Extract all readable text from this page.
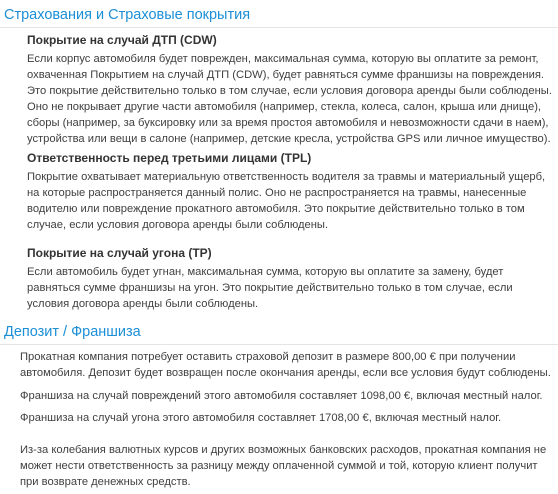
Страхования и Страховые покрытия
Покрытие на случай ДТП (CDW)

Если корпус автомобиля будет поврежден, максимальная сумма, которую вы оплатите за ремонт, охваченная Покрытием на случай ДТП (CDW), будет равняться сумме франшизы на повреждения. Это покрытие действительно только в том случае, если условия договора аренды были соблюдены. Оно не покрывает другие части автомобиля (например, стекла, колеса, салон, крыша или днище), сборы (например, за буксировку или за время простоя автомобиля и невозможности сдачи в наем), устройства или вещи в салоне (например, детские кресла, устройства GPS или личное имущество).

Ответственность перед третьими лицами (TPL)

Покрытие охватывает материальную ответственность водителя за травмы и материальный ущерб, на которые распространяется данный полис. Оно не распространяется на травмы, нанесенные водителю или повреждение прокатного автомобиля. Это покрытие действительно только в том случае, если условия договора аренды были соблюдены.

Покрытие на случай угона (TP)

Если автомобиль будет угнан, максимальная сумма, которую вы оплатите за замену, будет равняться сумме франшизы на угон. Это покрытие действительно только в том случае, если условия договора аренды были соблюдены.

Депозит / Франшиза

Прокатная компания потребует оставить страховой депозит в размере 800,00 € при получении автомобиля. Депозит будет возвращен после окончания аренды, если все условия будут соблюдены.

Франшиза на случай повреждений этого автомобиля составляет 1098,00 €, включая местный налог.

Франшиза на случай угона этого автомобиля составляет 1708,00 €, включая местный налог.

Из-за колебания валютных курсов и других возможных банковских расходов, прокатная компания не может нести ответственность за разницу между оплаченной суммой и той, которую клиент получит при возврате денежных средств.
